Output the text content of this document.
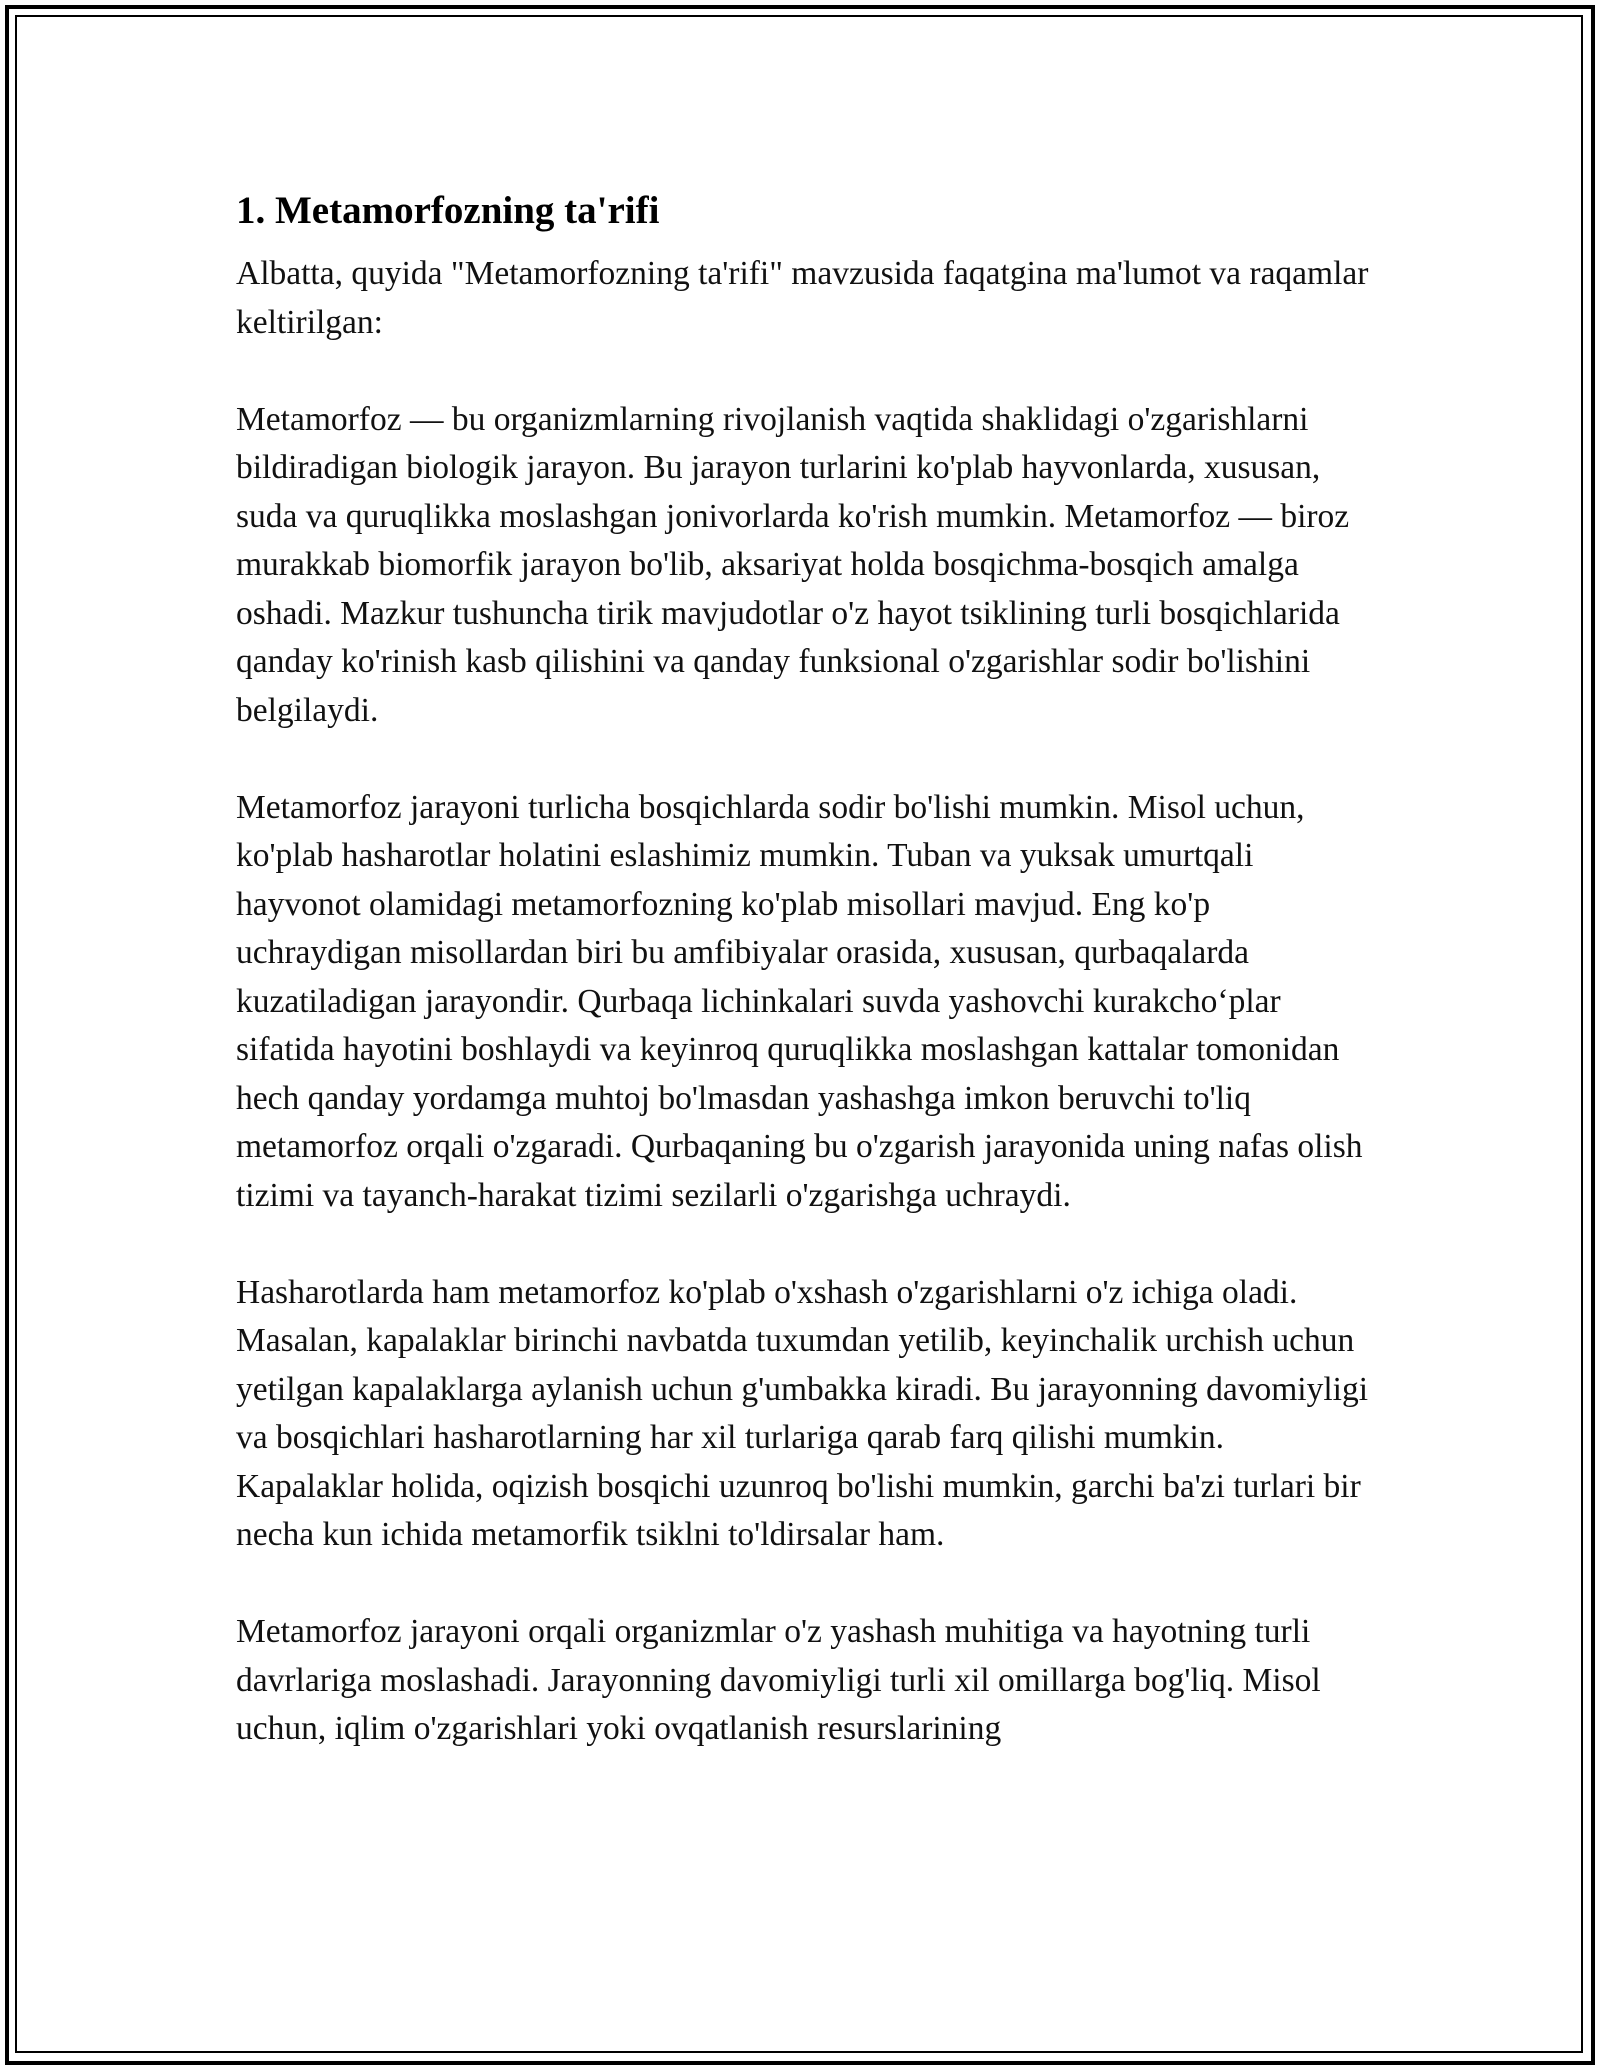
1. Metamorfozning ta'rifi

Albatta, quyida "Metamorfozning ta'rifi" mavzusida faqatgina ma'lumot va raqamlar keltirilgan:

Metamorfoz — bu organizmlarning rivojlanish vaqtida shaklidagi o'zgarishlarni bildiradigan biologik jarayon. Bu jarayon turlarini ko'plab hayvonlarda, xususan, suda va quruqlikka moslashgan jonivorlarda ko'rish mumkin. Metamorfoz — biroz murakkab biomorfik jarayon bo'lib, aksariyat holda bosqichma-bosqich amalga oshadi. Mazkur tushuncha tirik mavjudotlar o'z hayot tsiklining turli bosqichlarida qanday ko'rinish kasb qilishini va qanday funksional o'zgarishlar sodir bo'lishini belgilaydi.

Metamorfoz jarayoni turlicha bosqichlarda sodir bo'lishi mumkin. Misol uchun, ko'plab hasharotlar holatini eslashimiz mumkin. Tuban va yuksak umurtqali hayvonot olamidagi metamorfozning ko'plab misollari mavjud. Eng ko'p uchraydigan misollardan biri bu amfibiyalar orasida, xususan, qurbaqalarda kuzatiladigan jarayondir. Qurbaqa lichinkalari suvda yashovchi kurakcho‘plar sifatida hayotini boshlaydi va keyinroq quruqlikka moslashgan kattalar tomonidan hech qanday yordamga muhtoj bo'lmasdan yashashga imkon beruvchi to'liq metamorfoz orqali o'zgaradi. Qurbaqaning bu o'zgarish jarayonida uning nafas olish tizimi va tayanch-harakat tizimi sezilarli o'zgarishga uchraydi.

Hasharotlarda ham metamorfoz ko'plab o'xshash o'zgarishlarni o'z ichiga oladi. Masalan, kapalaklar birinchi navbatda tuxumdan yetilib, keyinchalik urchish uchun yetilgan kapalaklarga aylanish uchun g'umbakka kiradi. Bu jarayonning davomiyligi va bosqichlari hasharotlarning har xil turlariga qarab farq qilishi mumkin. Kapalaklar holida, oqizish bosqichi uzunroq bo'lishi mumkin, garchi ba'zi turlari bir necha kun ichida metamorfik tsiklni to'ldirsalar ham.

Metamorfoz jarayoni orqali organizmlar o'z yashash muhitiga va hayotning turli davrlariga moslashadi. Jarayonning davomiyligi turli xil omillarga bog'liq. Misol uchun, iqlim o'zgarishlari yoki ovqatlanish resurslarining
